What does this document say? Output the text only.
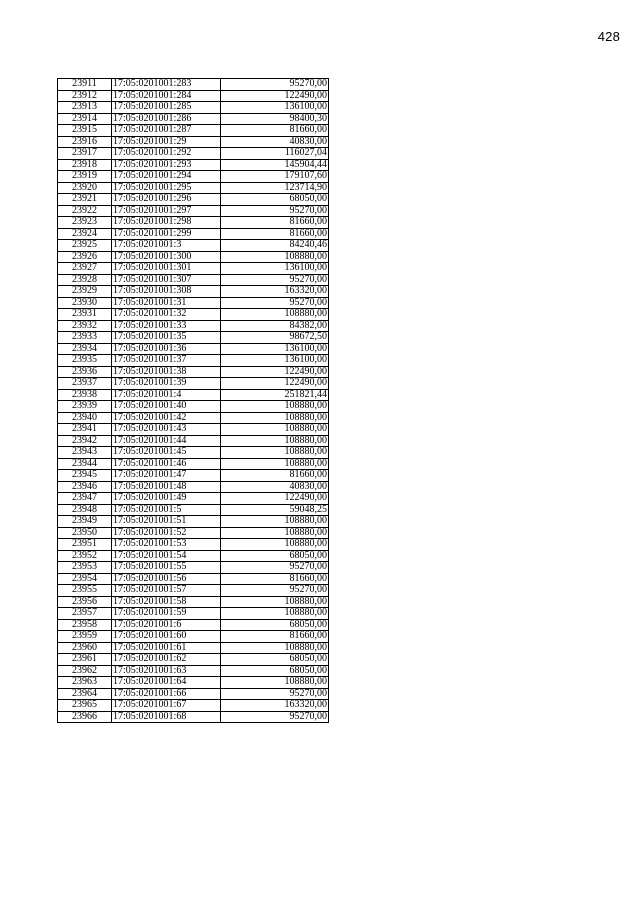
428
23911	17:05:0201001:283	95270,00
23912	17:05:0201001:284	122490,00
23913	17:05:0201001:285	136100,00
23914	17:05:0201001:286	98400,30
23915	17:05:0201001:287	81660,00
23916	17:05:0201001:29	40830,00
23917	17:05:0201001:292	116027,04
23918	17:05:0201001:293	145904,44
23919	17:05:0201001:294	179107,60
23920	17:05:0201001:295	123714,90
23921	17:05:0201001:296	68050,00
23922	17:05:0201001:297	95270,00
23923	17:05:0201001:298	81660,00
23924	17:05:0201001:299	81660,00
23925	17:05:0201001:3	84240,46
23926	17:05:0201001:300	108880,00
23927	17:05:0201001:301	136100,00
23928	17:05:0201001:307	95270,00
23929	17:05:0201001:308	163320,00
23930	17:05:0201001:31	95270,00
23931	17:05:0201001:32	108880,00
23932	17:05:0201001:33	84382,00
23933	17:05:0201001:35	98672,50
23934	17:05:0201001:36	136100,00
23935	17:05:0201001:37	136100,00
23936	17:05:0201001:38	122490,00
23937	17:05:0201001:39	122490,00
23938	17:05:0201001:4	251821,44
23939	17:05:0201001:40	108880,00
23940	17:05:0201001:42	108880,00
23941	17:05:0201001:43	108880,00
23942	17:05:0201001:44	108880,00
23943	17:05:0201001:45	108880,00
23944	17:05:0201001:46	108880,00
23945	17:05:0201001:47	81660,00
23946	17:05:0201001:48	40830,00
23947	17:05:0201001:49	122490,00
23948	17:05:0201001:5	59048,25
23949	17:05:0201001:51	108880,00
23950	17:05:0201001:52	108880,00
23951	17:05:0201001:53	108880,00
23952	17:05:0201001:54	68050,00
23953	17:05:0201001:55	95270,00
23954	17:05:0201001:56	81660,00
23955	17:05:0201001:57	95270,00
23956	17:05:0201001:58	108880,00
23957	17:05:0201001:59	108880,00
23958	17:05:0201001:6	68050,00
23959	17:05:0201001:60	81660,00
23960	17:05:0201001:61	108880,00
23961	17:05:0201001:62	68050,00
23962	17:05:0201001:63	68050,00
23963	17:05:0201001:64	108880,00
23964	17:05:0201001:66	95270,00
23965	17:05:0201001:67	163320,00
23966	17:05:0201001:68	95270,00
